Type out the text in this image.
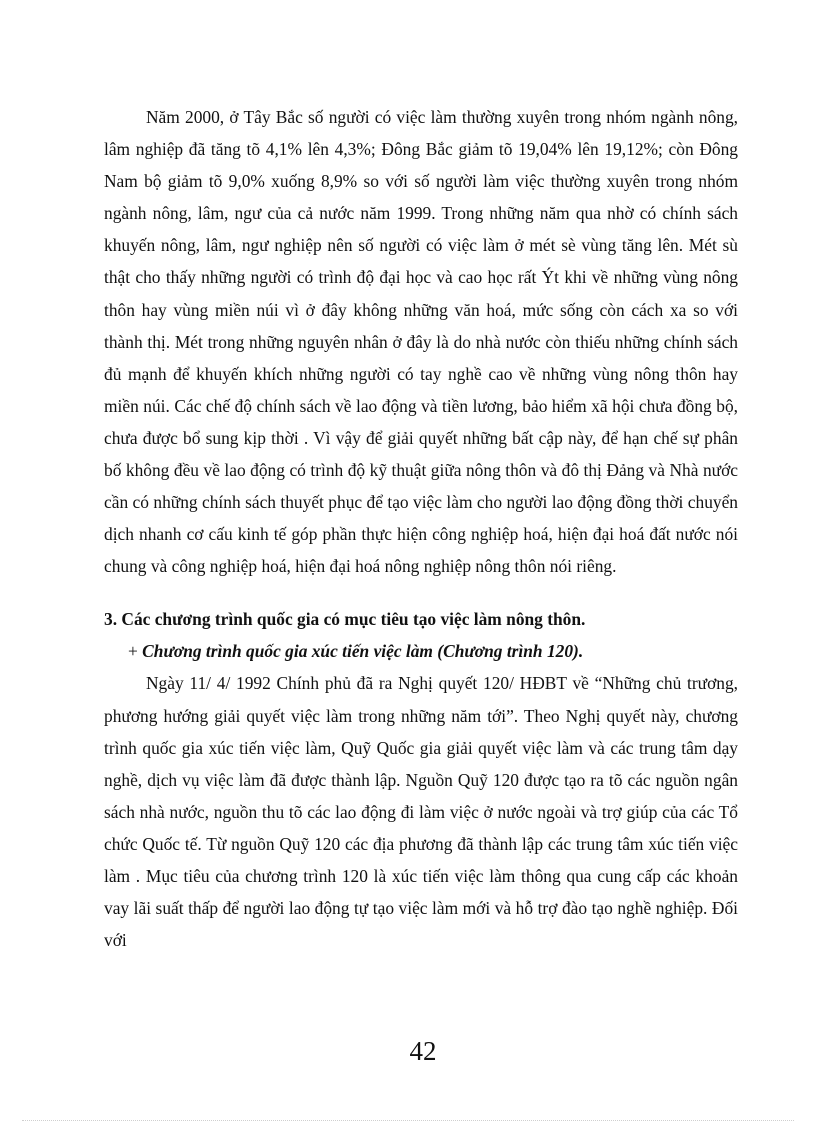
Năm 2000, ở Tây Bắc số người có việc làm thường xuyên trong nhóm ngành nông, lâm nghiệp đã tăng tõ 4,1% lên 4,3%; Đông Bắc giảm tõ 19,04% lên 19,12%; còn Đông Nam bộ giảm tõ 9,0% xuống 8,9% so với số người làm việc thường xuyên trong nhóm ngành nông, lâm, ngư của cả nước năm 1999. Trong những năm qua nhờ có chính sách khuyến nông, lâm, ngư nghiệp nên số người có việc làm ở mét sè vùng tăng lên. Mét sù thật cho thấy những người có trình độ đại học và cao học rất Ýt khi về những vùng nông thôn hay vùng miền núi vì ở đây không những văn hoá, mức sống còn cách xa so với thành thị. Mét trong những nguyên nhân ở đây là do nhà nước còn thiếu những chính sách đủ mạnh để khuyến khích những người có tay nghề cao về những vùng nông thôn hay miền núi. Các chế độ chính sách về lao động và tiền lương, bảo hiểm xã hội chưa đồng bộ, chưa được bổ sung kịp thời . Vì vậy để giải quyết những bất cập này, để hạn chế sự phân bố không đều về lao động có trình độ kỹ thuật giữa nông thôn và đô thị Đảng và Nhà nước cần có những chính sách thuyết phục để tạo việc làm cho người lao động đồng thời chuyển dịch nhanh cơ cấu kinh tế góp phần thực hiện công nghiệp hoá, hiện đại hoá đất nước nói chung và công nghiệp hoá, hiện đại hoá nông nghiệp nông thôn nói riêng.

3. Các chương trình quốc gia có mục tiêu tạo việc làm nông thôn.

+ Chương trình quốc gia xúc tiến việc làm (Chương trình 120).

Ngày 11/ 4/ 1992 Chính phủ đã ra Nghị quyết 120/ HĐBT về “Những chủ trương, phương hướng giải quyết việc làm trong những năm tới”. Theo Nghị quyết này, chương trình quốc gia xúc tiến việc làm, Quỹ Quốc gia giải quyết việc làm và các trung tâm dạy nghề, dịch vụ việc làm đã được thành lập. Nguồn Quỹ 120 được tạo ra tõ các nguồn ngân sách nhà nước, nguồn thu tõ các lao động đi làm việc ở nước ngoài và trợ giúp của các Tổ chức Quốc tế. Từ nguồn Quỹ 120 các địa phương đã thành lập các trung tâm xúc tiến việc làm . Mục tiêu của chương trình 120 là xúc tiến việc làm thông qua cung cấp các khoản vay lãi suất thấp để người lao động tự tạo việc làm mới và hỗ trợ đào tạo nghề nghiệp. Đối với

42
